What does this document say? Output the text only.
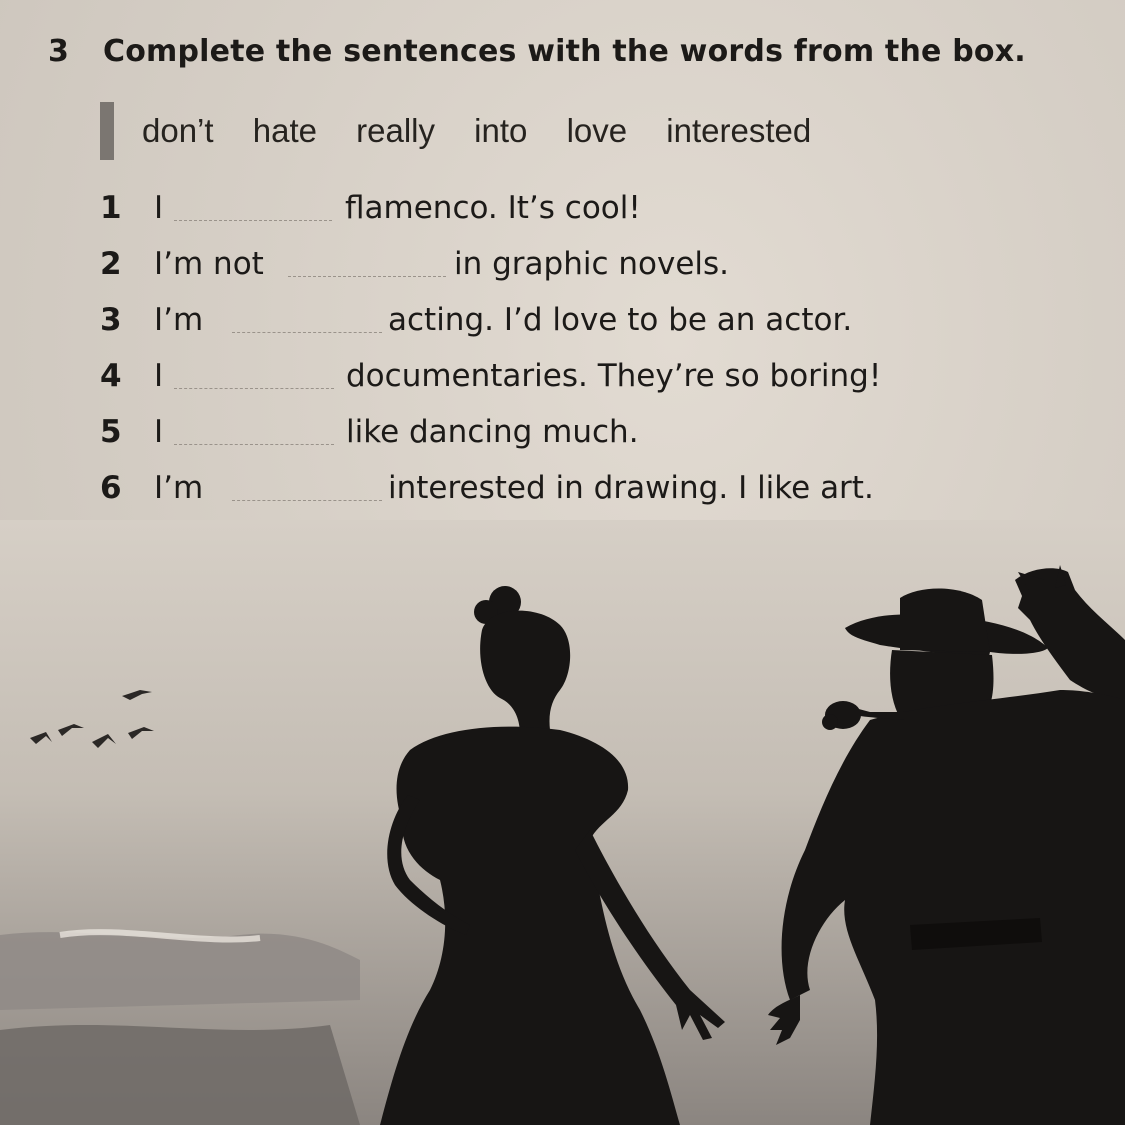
3 Complete the sentences with the words from the box.
don’t hate really into love interested
1 I	flamenco. It’s cool!
2 I’m not	in graphic novels.
3 I’m	acting. I’d love to be an actor.
4 I	documentaries. They’re so boring!
5 I	like dancing much.
6 I’m	interested in drawing. I like art.
